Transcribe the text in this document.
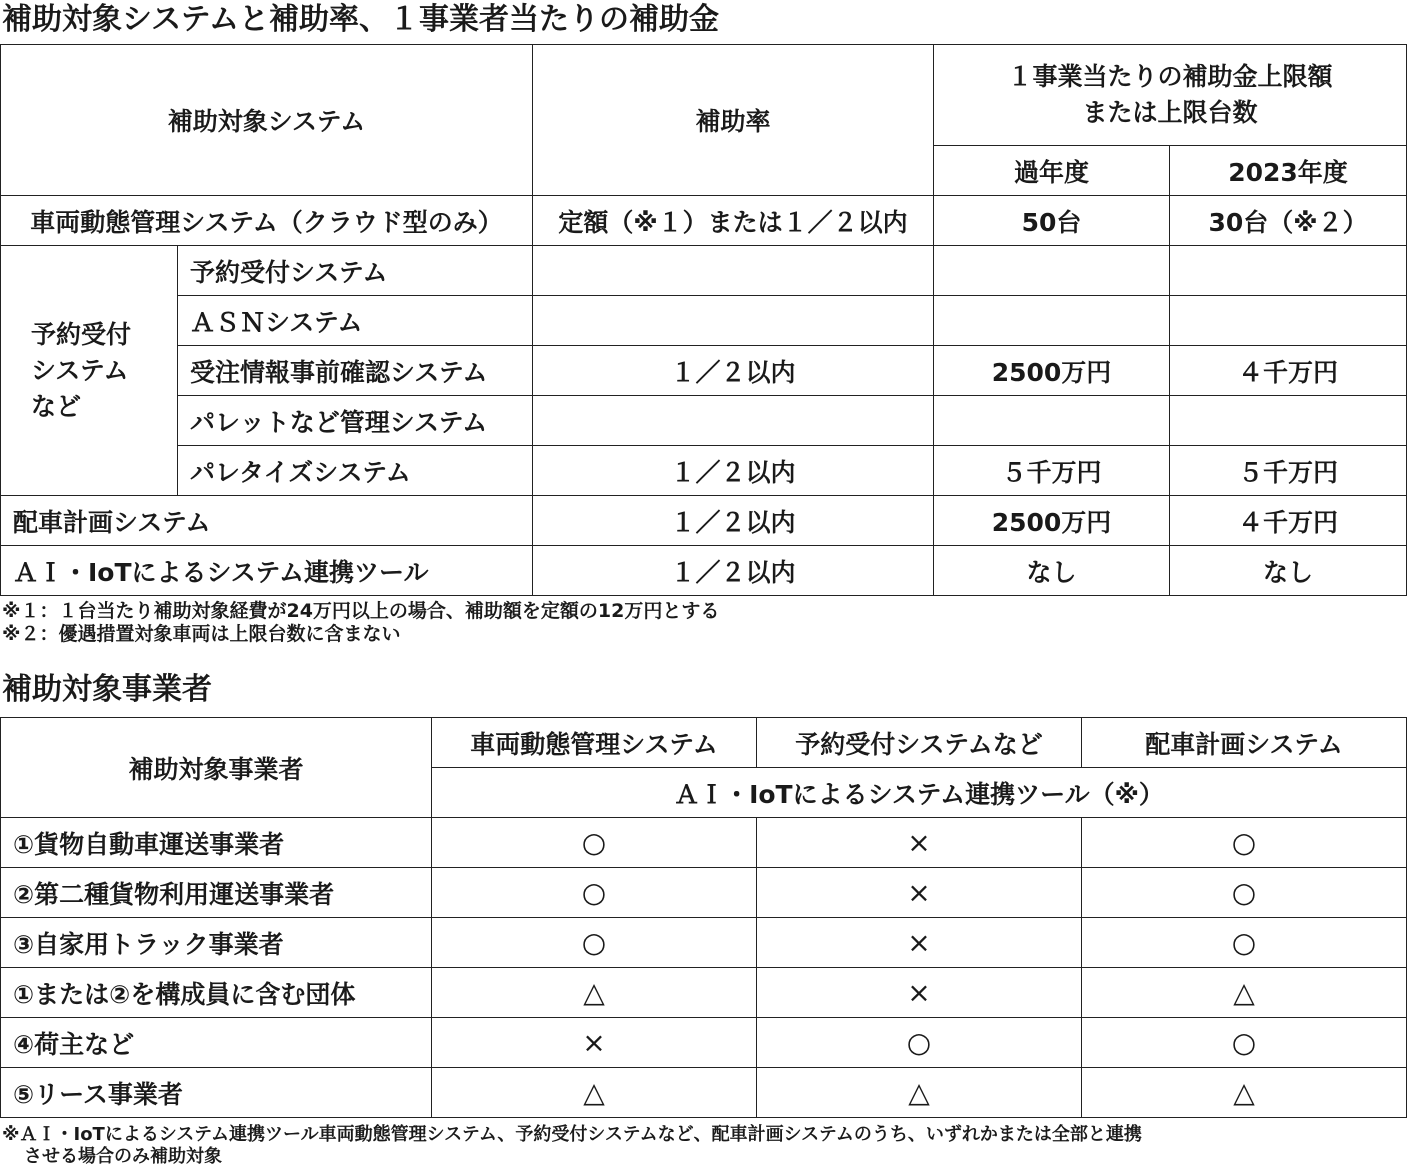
補助対象システムと補助率、１事業者当たりの補助金
補助対象システム		補助率	１事業当たりの補助金上限額
または上限台数	

			過年度	2023年度
車両動態管理システム（クラウド型のみ）		定額（※１）または１／２以内	50台	30台（※２）

予約受付
システム
など	予約受付システム			
	ＡＳＮシステム			
	受注情報事前確認システム	１／２以内	2500万円	４千万円
	パレットなど管理システム			
	パレタイズシステム	１／２以内	５千万円	５千万円
配車計画システム		１／２以内	2500万円	４千万円
ＡＩ・IoTによるシステム連携ツール		１／２以内	なし	なし

※１：１台当たり補助対象経費が24万円以上の場合、補助額を定額の12万円とする

※２：優遇措置対象車両は上限台数に含まない

補助対象事業者
補助対象事業者	車両動態管理システム	予約受付システムなど	配車計画システム
	ＡＩ・IoTによるシステム連携ツール（※）		
①貨物自動車運送事業者	○	×	○
②第二種貨物利用運送事業者	○	×	○
③自家用トラック事業者	○	×	○
①または②を構成員に含む団体	△	×	△
④荷主など	×	○	○
⑤リース事業者	△	△	△

※ＡＩ・IoTによるシステム連携ツール車両動態管理システム、予約受付システムなど、配車計画システムのうち、いずれかまたは全部と連携

させる場合のみ補助対象
